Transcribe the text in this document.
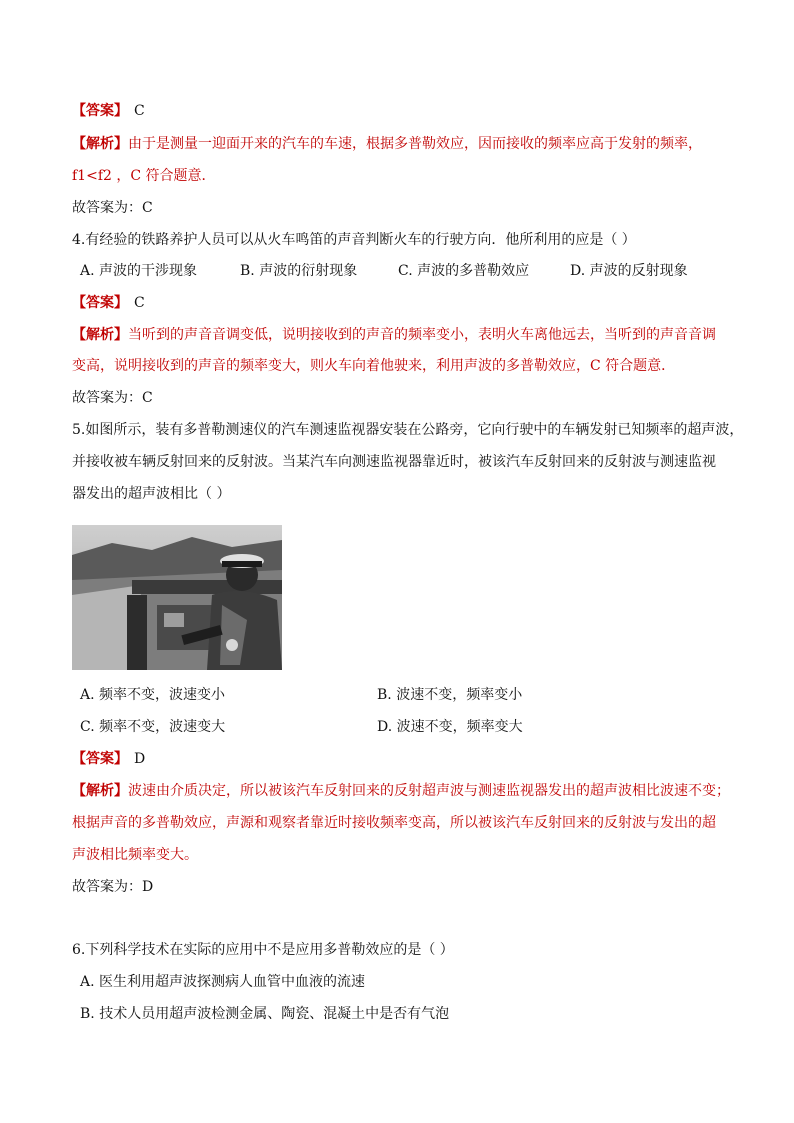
【答案】 C
【解析】由于是测量一迎面开来的汽车的车速，根据多普勒效应，因而接收的频率应高于发射的频率，
f1<f2 ，C 符合题意．
故答案为：C
4.有经验的铁路养护人员可以从火车鸣笛的声音判断火车的行驶方向．他所利用的应是（ ）
A. 声波的干涉现象	B. 声波的衍射现象	C. 声波的多普勒效应	D. 声波的反射现象
【答案】 C
【解析】当听到的声音音调变低，说明接收到的声音的频率变小，表明火车离他远去，当听到的声音音调
变高，说明接收到的声音的频率变大，则火车向着他驶来，利用声波的多普勒效应，C 符合题意．
故答案为：C
5.如图所示，装有多普勒测速仪的汽车测速监视器安装在公路旁，它向行驶中的车辆发射已知频率的超声波，
并接收被车辆反射回来的反射波。当某汽车向测速监视器靠近时，被该汽车反射回来的反射波与测速监视
器发出的超声波相比（ ）
A. 频率不变，波速变小	B. 波速不变，频率变小
C. 频率不变，波速变大	D. 波速不变，频率变大
【答案】 D
【解析】波速由介质决定，所以被该汽车反射回来的反射超声波与测速监视器发出的超声波相比波速不变；
根据声音的多普勒效应，声源和观察者靠近时接收频率变高，所以被该汽车反射回来的反射波与发出的超
声波相比频率变大。
故答案为：D
6.下列科学技术在实际的应用中不是应用多普勒效应的是（ ）
A. 医生利用超声波探测病人血管中血液的流速
B. 技术人员用超声波检测金属、陶瓷、混凝土中是否有气泡
